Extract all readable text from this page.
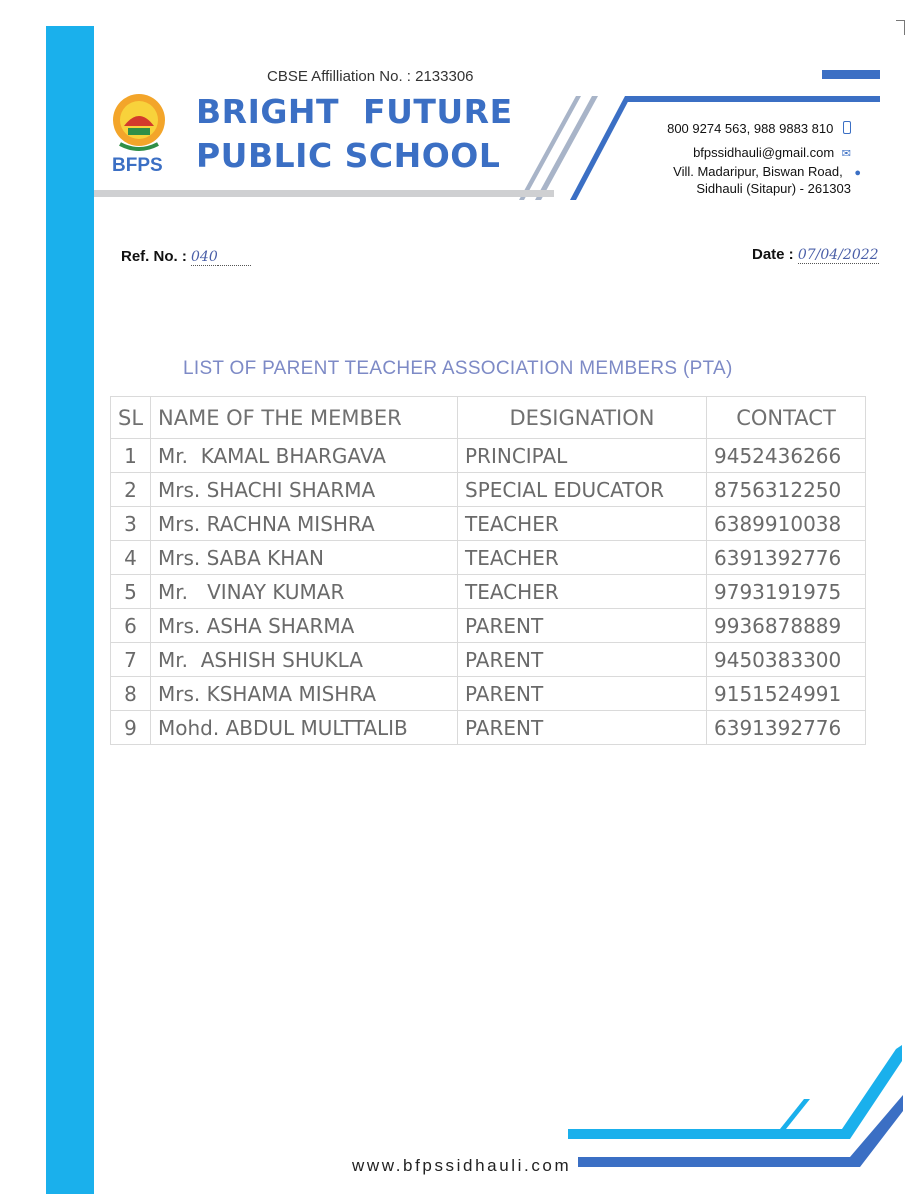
BFPS
CBSE Affilliation No. : 2133306
BRIGHT  FUTURE
PUBLIC SCHOOL
800 9274 563, 988 9883 810
bfpssidhauli@gmail.com ✉
Vill. Madaripur, Biswan Road, ●
Sidhauli (Sitapur) - 261303
Ref. No. : 040	Date : 07/04/2022
LIST OF PARENT TEACHER ASSOCIATION MEMBERS (PTA)
SL	NAME OF THE MEMBER	DESIGNATION	CONTACT
1	Mr.  KAMAL BHARGAVA	PRINCIPAL	9452436266
2	Mrs. SHACHI SHARMA	SPECIAL EDUCATOR	8756312250
3	Mrs. RACHNA MISHRA	TEACHER	6389910038
4	Mrs. SABA KHAN	TEACHER	6391392776
5	Mr.   VINAY KUMAR	TEACHER	9793191975
6	Mrs. ASHA SHARMA	PARENT	9936878889
7	Mr.  ASHISH SHUKLA	PARENT	9450383300
8	Mrs. KSHAMA MISHRA	PARENT	9151524991
9	Mohd. ABDUL MULTTALIB	PARENT	6391392776
www.bfpssidhauli.com
